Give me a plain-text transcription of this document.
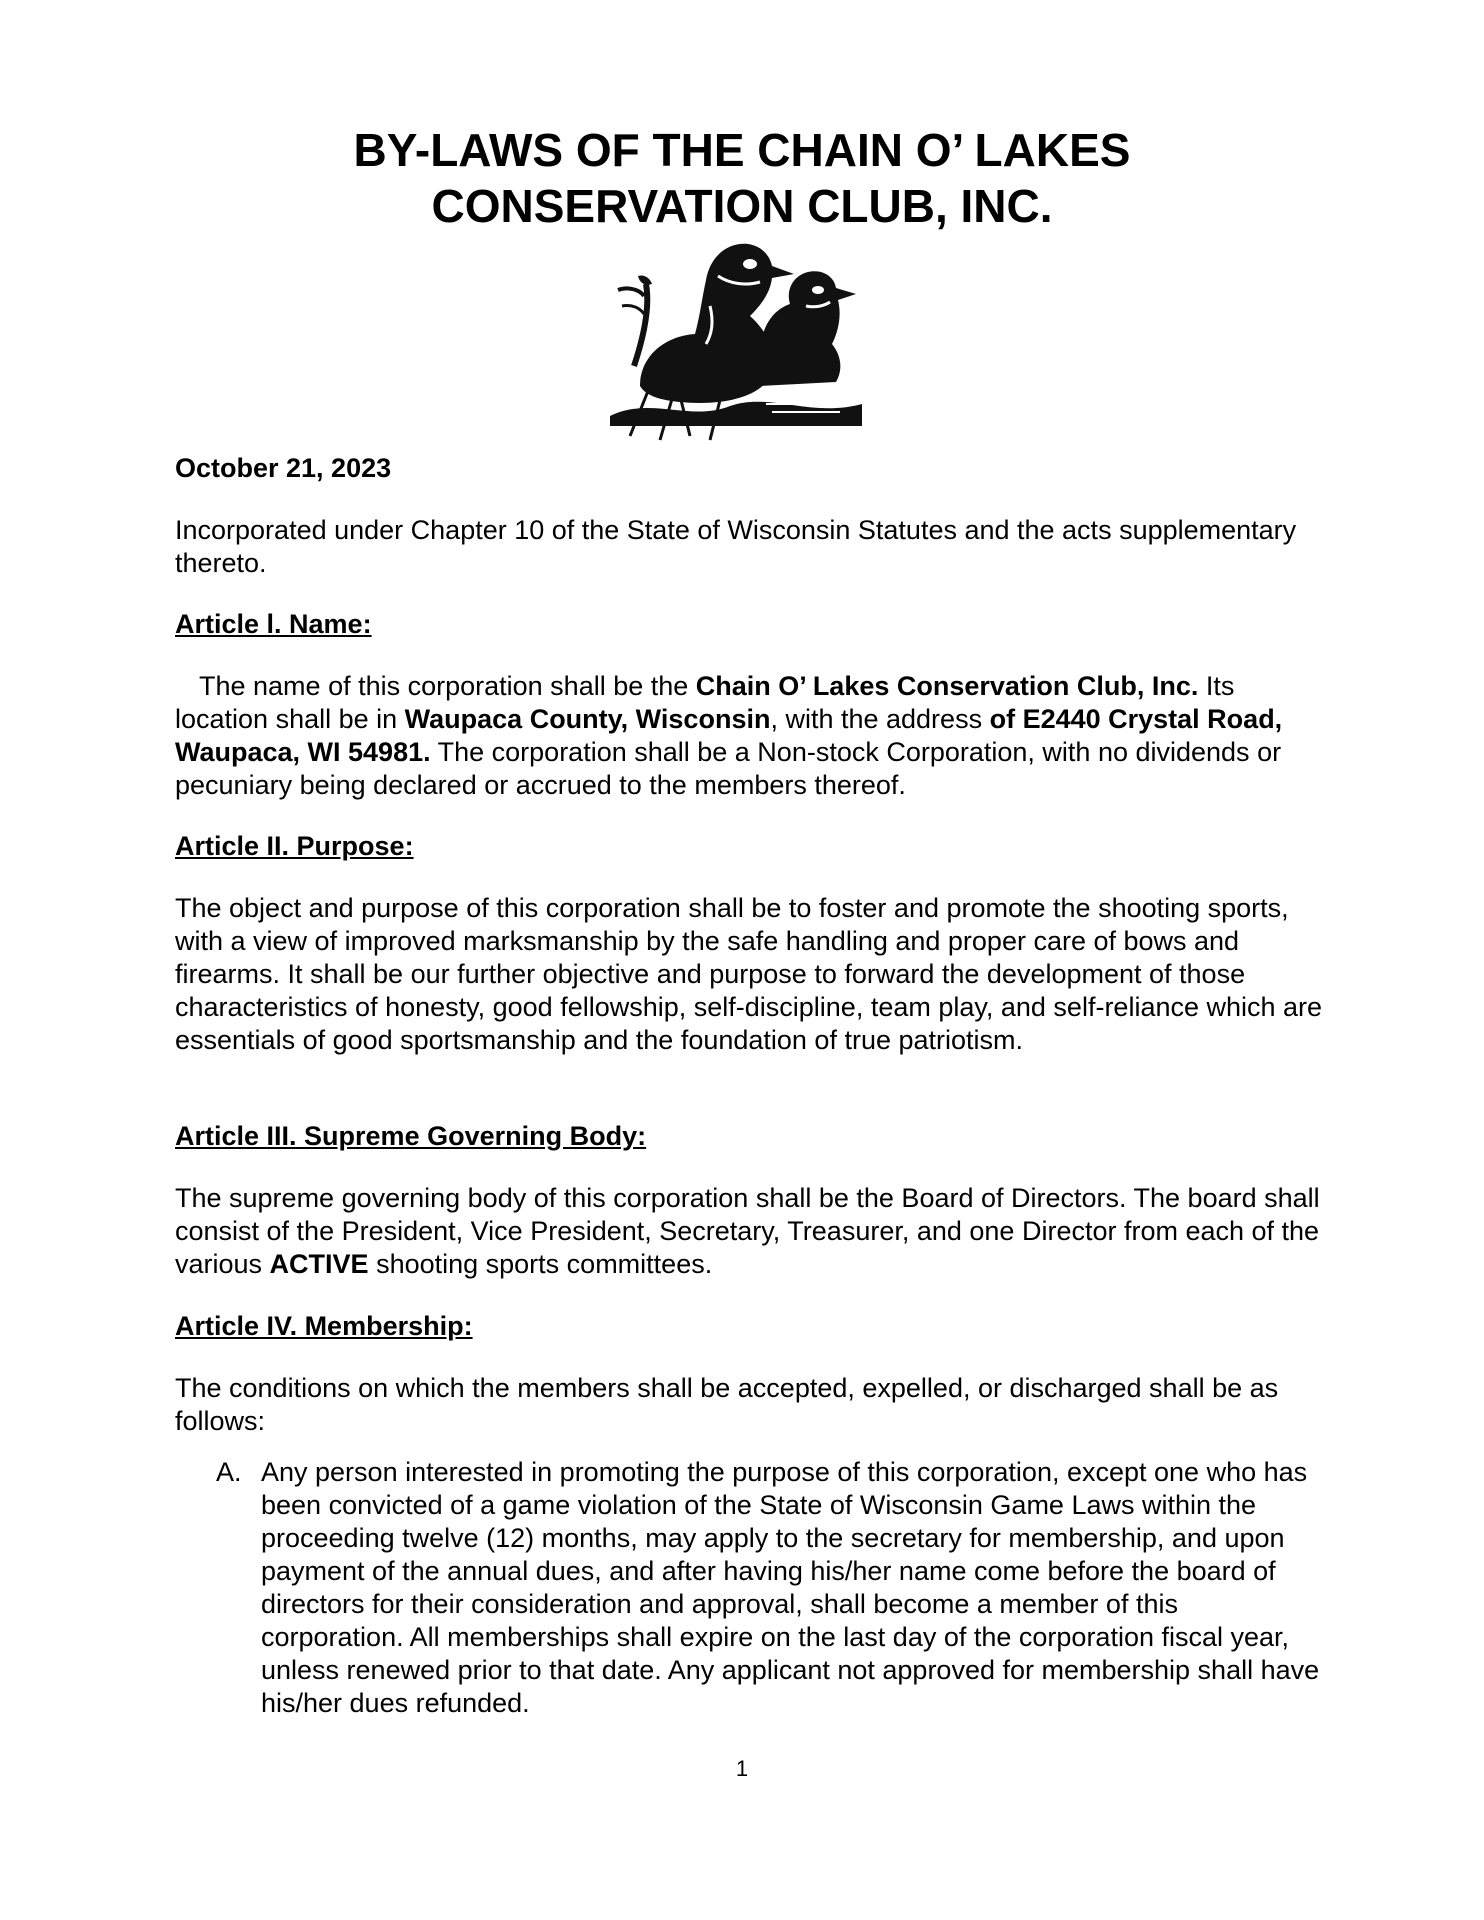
BY-LAWS OF THE CHAIN O’ LAKES
CONSERVATION CLUB, INC.

October 21, 2023

Incorporated under Chapter 10 of the State of Wisconsin Statutes and the acts supplementary thereto.

Article l. Name:

The name of this corporation shall be the Chain O’ Lakes Conservation Club, Inc. Its location shall be in Waupaca County, Wisconsin, with the address of E2440 Crystal Road, Waupaca, WI 54981. The corporation shall be a Non-stock Corporation, with no dividends or pecuniary being declared or accrued to the members thereof.

Article II. Purpose:

The object and purpose of this corporation shall be to foster and promote the shooting sports, with a view of improved marksmanship by the safe handling and proper care of bows and firearms. It shall be our further objective and purpose to forward the development of those characteristics of honesty, good fellowship, self-discipline, team play, and self-reliance which are essentials of good sportsmanship and the foundation of true patriotism.

Article III. Supreme Governing Body:

The supreme governing body of this corporation shall be the Board of Directors. The board shall consist of the President, Vice President, Secretary, Treasurer, and one Director from each of the various ACTIVE shooting sports committees.

Article IV. Membership:

The conditions on which the members shall be accepted, expelled, or discharged shall be as follows:

A. Any person interested in promoting the purpose of this corporation, except one who has been convicted of a game violation of the State of Wisconsin Game Laws within the proceeding twelve (12) months, may apply to the secretary for membership, and upon payment of the annual dues, and after having his/her name come before the board of directors for their consideration and approval, shall become a member of this corporation. All memberships shall expire on the last day of the corporation fiscal year, unless renewed prior to that date. Any applicant not approved for membership shall have his/her dues refunded.
1
